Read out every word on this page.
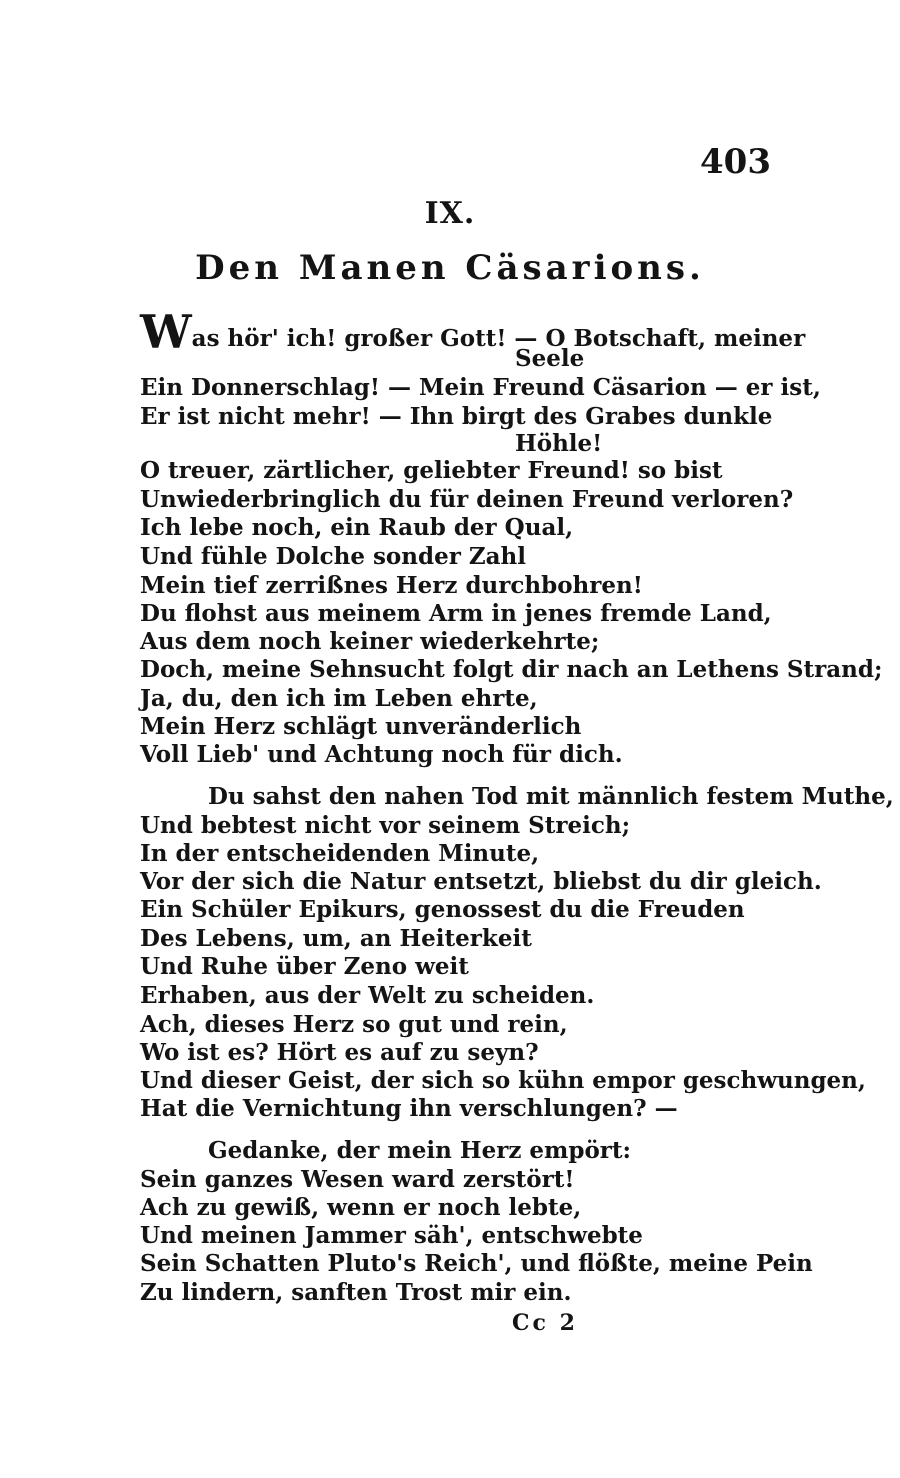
403
IX.
Den Manen Cäsarions.
Was hör' ich! großer Gott! — O Botschaft, meiner
Seele
Ein Donnerschlag! — Mein Freund Cäsarion — er ist,
Er ist nicht mehr! — Ihn birgt des Grabes dunkle
Höhle!
O treuer, zärtlicher, geliebter Freund! so bist
Unwiederbringlich du für deinen Freund verloren?
Ich lebe noch, ein Raub der Qual,
Und fühle Dolche sonder Zahl
Mein tief zerrißnes Herz durchbohren!
Du flohst aus meinem Arm in jenes fremde Land,
Aus dem noch keiner wiederkehrte;
Doch, meine Sehnsucht folgt dir nach an Lethens Strand;
Ja, du, den ich im Leben ehrte,
Mein Herz schlägt unveränderlich
Voll Lieb' und Achtung noch für dich.
Du sahst den nahen Tod mit männlich festem Muthe,
Und bebtest nicht vor seinem Streich;
In der entscheidenden Minute,
Vor der sich die Natur entsetzt, bliebst du dir gleich.
Ein Schüler Epikurs, genossest du die Freuden
Des Lebens, um, an Heiterkeit
Und Ruhe über Zeno weit
Erhaben, aus der Welt zu scheiden.
Ach, dieses Herz so gut und rein,
Wo ist es? Hört es auf zu seyn?
Und dieser Geist, der sich so kühn empor geschwungen,
Hat die Vernichtung ihn verschlungen? —
Gedanke, der mein Herz empört:
Sein ganzes Wesen ward zerstört!
Ach zu gewiß, wenn er noch lebte,
Und meinen Jammer säh', entschwebte
Sein Schatten Pluto's Reich', und flößte, meine Pein
Zu lindern, sanften Trost mir ein.
Cc 2
